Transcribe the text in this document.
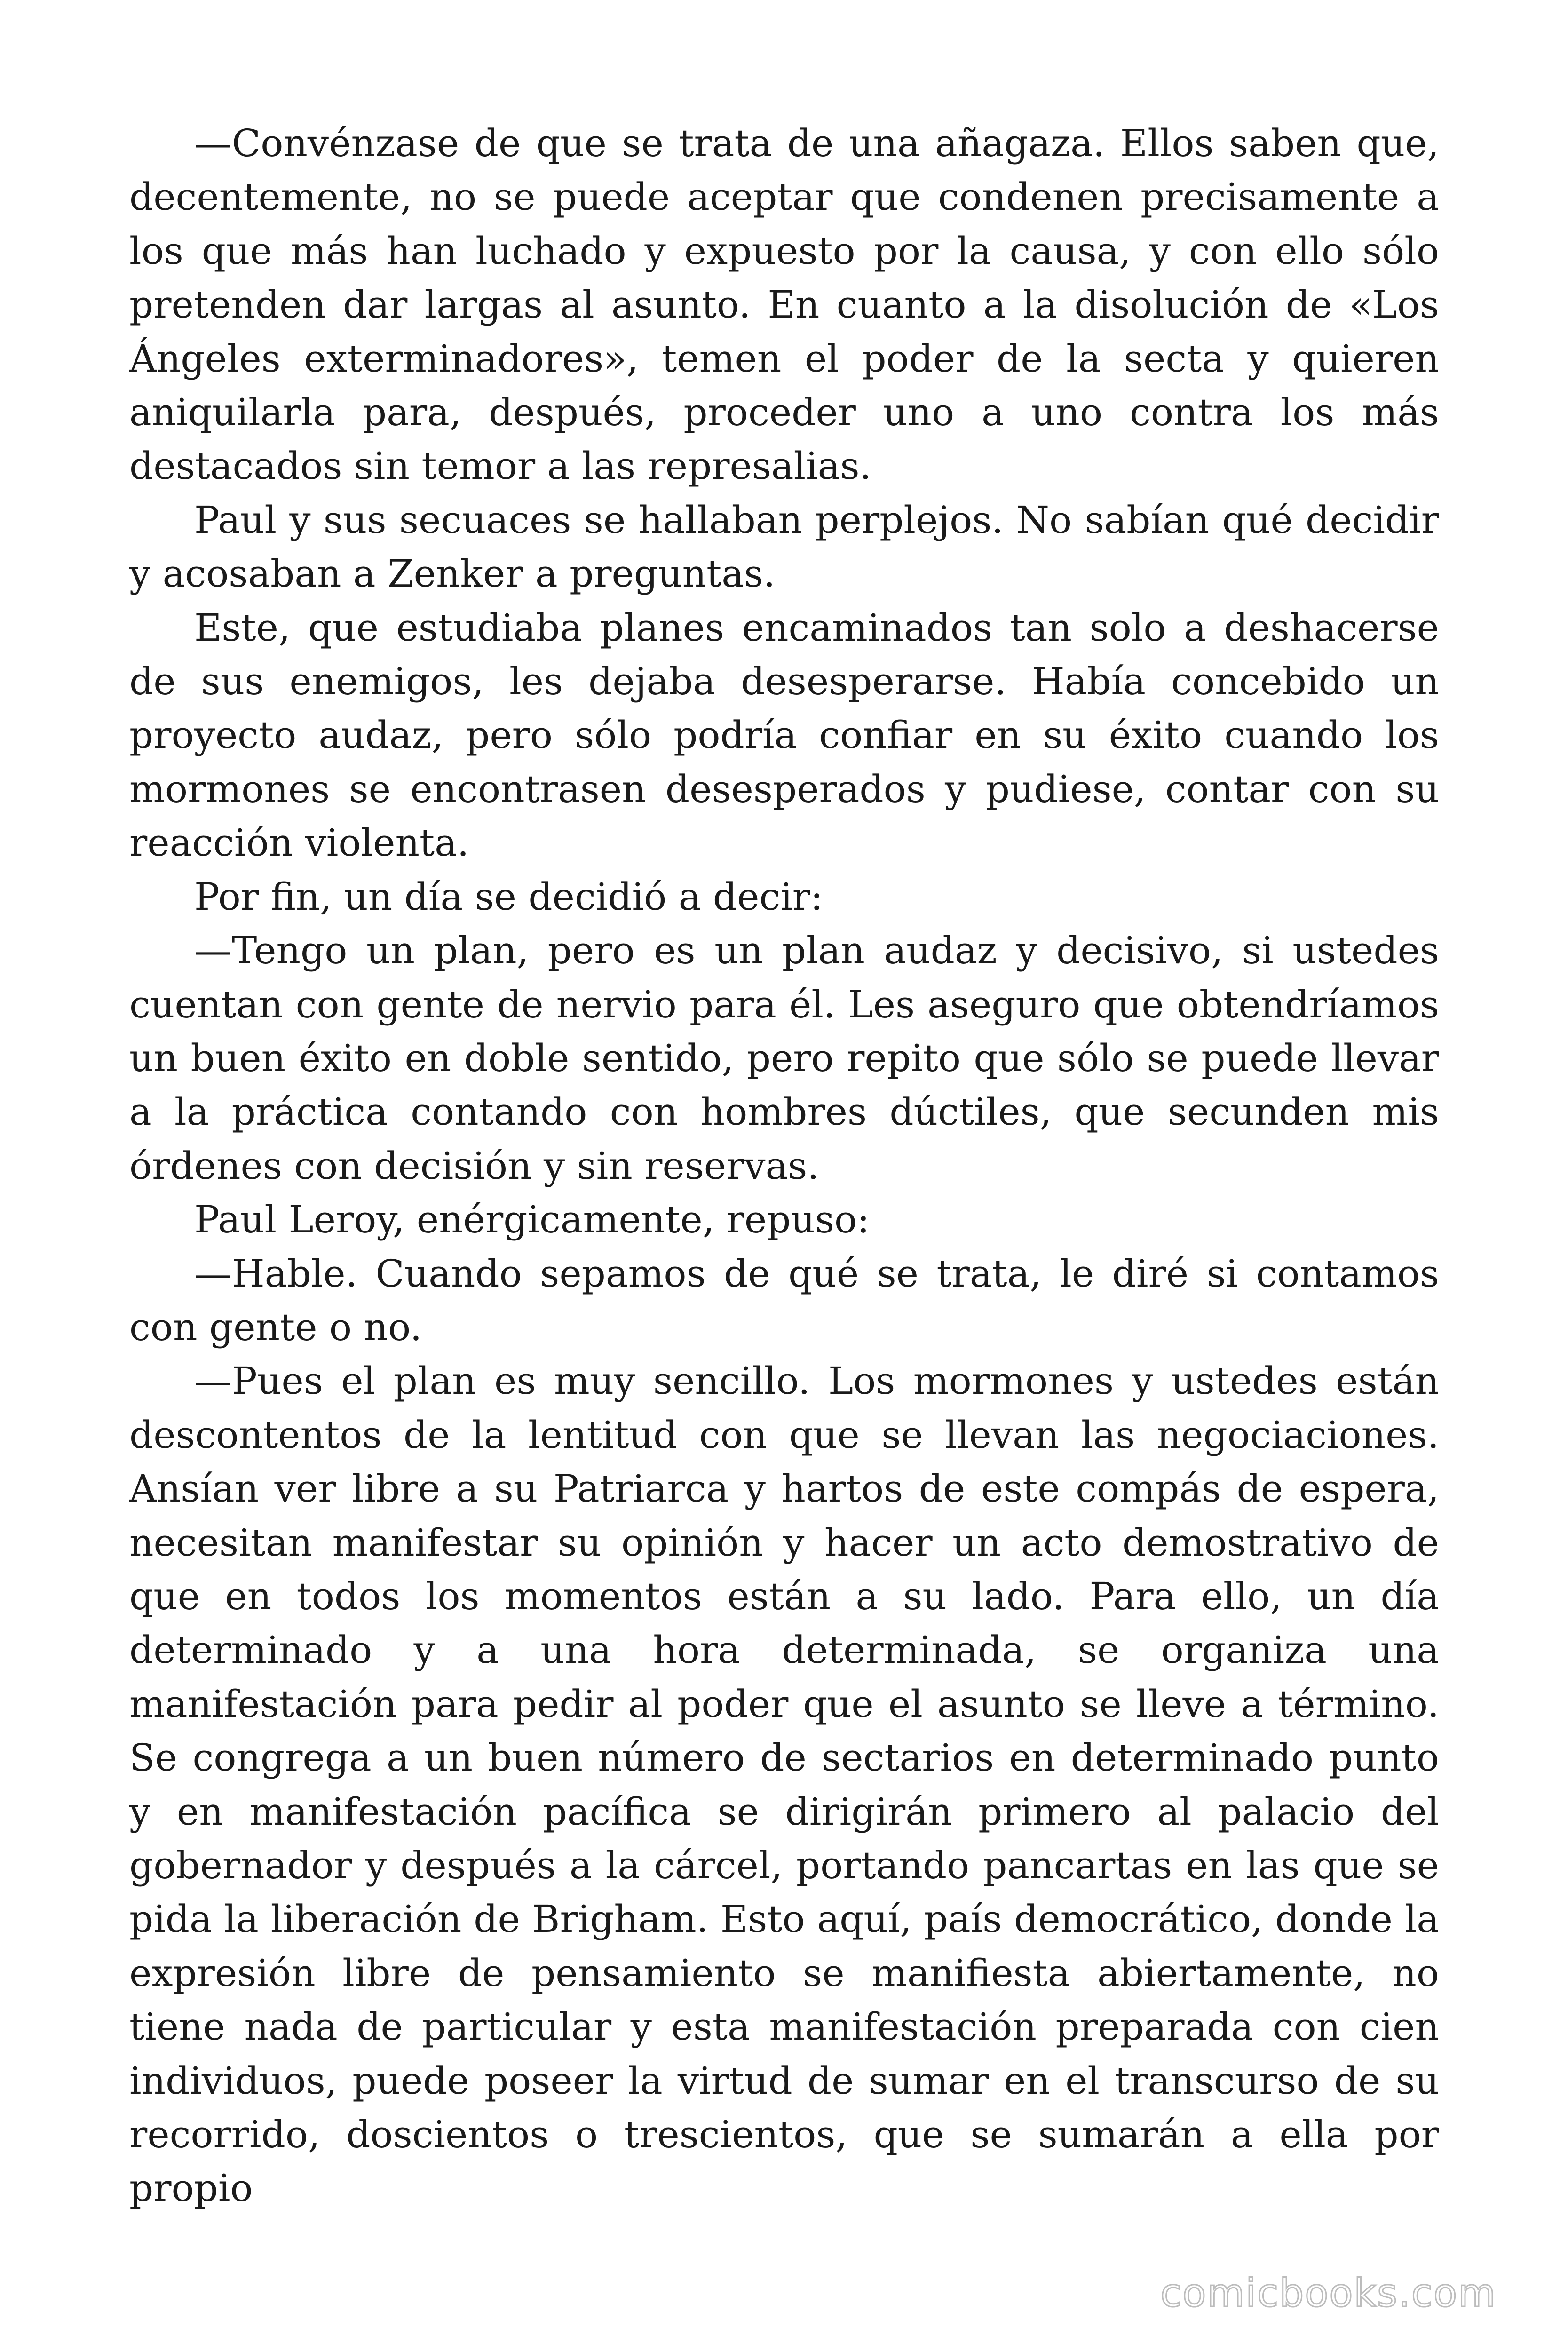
—Convénzase de que se trata de una añagaza. Ellos saben que, decentemente, no se puede aceptar que condenen precisamente a los que más han luchado y expuesto por la causa, y con ello sólo pretenden dar largas al asunto. En cuanto a la disolución de «Los Ángeles exterminadores», temen el poder de la secta y quieren aniquilarla para, después, proceder uno a uno contra los más destacados sin temor a las represalias.

Paul y sus secuaces se hallaban perplejos. No sabían qué decidir y acosaban a Zenker a preguntas.

Este, que estudiaba planes encaminados tan solo a deshacerse de sus enemigos, les dejaba desesperarse. Había concebido un proyecto audaz, pero sólo podría confiar en su éxito cuando los mormones se encontrasen desesperados y pudiese, contar con su reacción violenta.

Por fin, un día se decidió a decir:

—Tengo un plan, pero es un plan audaz y decisivo, si ustedes cuentan con gente de nervio para él. Les aseguro que obtendríamos un buen éxito en doble sentido, pero repito que sólo se puede llevar a la práctica contando con hombres dúctiles, que secunden mis órdenes con decisión y sin reservas.

Paul Leroy, enérgicamente, repuso:

—Hable. Cuando sepamos de qué se trata, le diré si contamos con gente o no.

—Pues el plan es muy sencillo. Los mormones y ustedes están descontentos de la lentitud con que se llevan las negociaciones. Ansían ver libre a su Patriarca y hartos de este compás de espera, necesitan manifestar su opinión y hacer un acto demostrativo de que en todos los momentos están a su lado. Para ello, un día determinado y a una hora determinada, se organiza una manifestación para pedir al poder que el asunto se lleve a término. Se congrega a un buen número de sectarios en determinado punto y en manifestación pacífica se dirigirán primero al palacio del gobernador y después a la cárcel, portando pancartas en las que se pida la liberación de Brigham. Esto aquí, país democrático, donde la expresión libre de pensamiento se manifiesta abiertamente, no tiene nada de particular y esta manifestación preparada con cien individuos, puede poseer la virtud de sumar en el transcurso de su recorrido, doscientos o trescientos, que se sumarán a ella por propio

comicbooks.com
